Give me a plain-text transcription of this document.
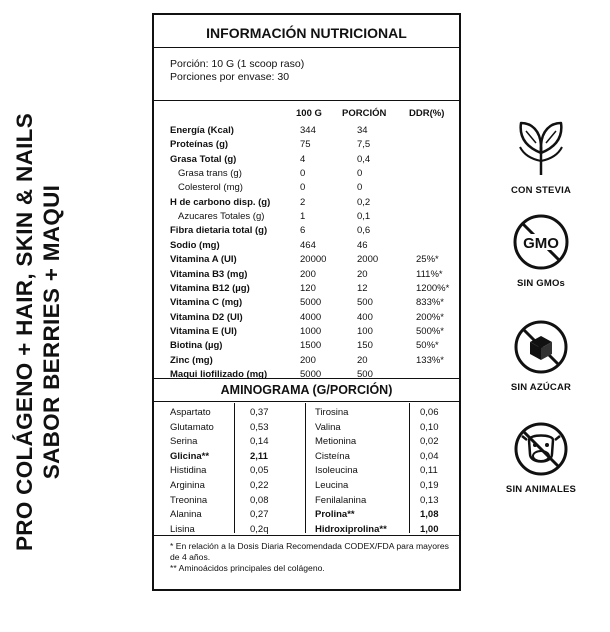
PRO COLÁGENO + HAIR, SKIN & NAILS SABOR BERRIES + MAQUI
INFORMACIÓN NUTRICIONAL
Porción: 10 G (1 scoop raso)
Porciones por envase: 30
100 G PORCIÓN DDR(%)
Energía (Kcal)	344	34
Proteínas (g)	75	7,5
Grasa Total (g)	4	0,4
Grasa trans (g)	0	0
Colesterol (mg)	0	0
H de carbono disp. (g)	2	0,2
Azucares Totales (g)	1	0,1
Fibra dietaria total (g)	6	0,6
Sodio (mg)	464	46
Vitamina A (UI)	20000	2000	25%*
Vitamina B3 (mg)	200	20	111%*
Vitamina B12 (µg)	120	12	1200%*
Vitamina C (mg)	5000	500	833%*
Vitamina D2 (UI)	4000	400	200%*
Vitamina E (UI)	1000	100	500%*
Biotina (µg)	1500	150	50%*
Zinc (mg)	200	20	133%*
Maqui liofilizado (mg)	5000	500
AMINOGRAMA (G/PORCIÓN)
Aspartato	0,37	Tirosina	0,06
Glutamato	0,53	Valina	0,10
Serina	0,14	Metionina	0,02
Glicina**	2,11	Cisteína	0,04
Histidina	0,05	Isoleucina	0,11
Arginina	0,22	Leucina	0,19
Treonina	0,08	Fenilalanina	0,13
Alanina	0,27	Prolina**	1,08
Lisina	0,2q	Hidroxiprolina**	1,00
* En relación a la Dosis Diaria Recomendada CODEX/FDA para mayores de 4 años.
** Aminoácidos principales del colágeno.
CON STEVIA
GMO
SIN GMOs
SIN AZÚCAR
SIN ANIMALES
